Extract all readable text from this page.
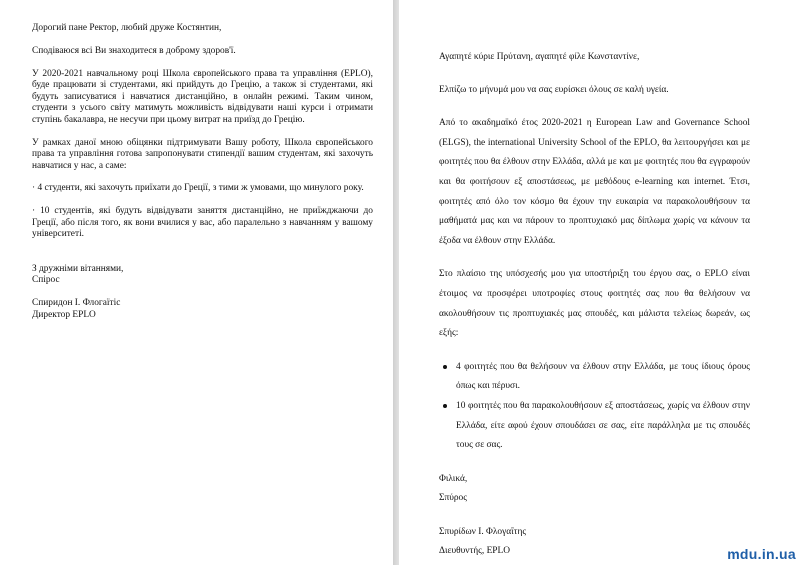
Дорогий пане Ректор, любий друже Костянтин,

Сподіваюся всі Ви знаходитеся в доброму здоров'ї.

У 2020-2021 навчальному році Школа європейського права та управління (EPLO), буде працювати зі студентами, які прийдуть до Грецію, а також зі студентами, які будуть записуватися і навчатися дистанційно, в онлайн режимі. Таким чином, студенти з усього світу матимуть можливість відвідувати наші курси і отримати ступінь бакалавра, не несучи при цьому витрат на приїзд до Грецію.

У рамках даної мною обіцянки підтримувати Вашу роботу, Школа європейського права та управління готова запропонувати стипендії вашим студентам, які захочуть навчатися у нас, а саме:

· 4 студенти, які захочуть приїхати до Греції, з тими ж умовами, що минулого року.

· 10 студентів, які будуть відвідувати заняття дистанційно, не приїжджаючи до Греції, або після того, як вони вчилися у вас, або паралельно з навчанням у вашому університеті.

З дружніми вітаннями,
Спірос
Спиридон І. Флогаїтіс
Директор EPLO

Αγαπητέ κύριε Πρύτανη, αγαπητέ φίλε Κωνσταντίνε,

Ελπίζω το μήνυμά μου να σας ευρίσκει όλους σε καλή υγεία.

Από το ακαδημαϊκό έτος 2020-2021 η European Law and Governance School (ELGS), the international University School of the EPLO, θα λειτουργήσει και με φοιτητές που θα έλθουν στην Ελλάδα, αλλά με και με φοιτητές που θα εγγραφούν και θα φοιτήσουν εξ αποστάσεως, με μεθόδους e-learning και internet. Έτσι, φοιτητές από όλο τον κόσμο θα έχουν την ευκαιρία να παρακολουθήσουν τα μαθήματά μας και να πάρουν το προπτυχιακό μας δίπλωμα χωρίς να κάνουν τα έξοδα να έλθουν στην Ελλάδα.

Στο πλαίσιο της υπόσχεσής μου για υποστήριξη του έργου σας, ο EPLO είναι έτοιμος να προσφέρει υποτροφίες στους φοιτητές σας που θα θελήσουν να ακολουθήσουν τις προπτυχιακές μας σπουδές, και μάλιστα τελείως δωρεάν, ως εξής:

4 φοιτητές που θα θελήσουν να έλθουν στην Ελλάδα, με τους ίδιους όρους όπως και πέρυσι.
10 φοιτητές που θα παρακολουθήσουν εξ αποστάσεως, χωρίς να έλθουν στην Ελλάδα, είτε αφού έχουν σπουδάσει σε σας, είτε παράλληλα με τις σπουδές τους σε σας.
Φιλικά,
Σπύρος
Σπυρίδων Ι. Φλογαΐτης
Διευθυντής, EPLO	mdu.in.ua
